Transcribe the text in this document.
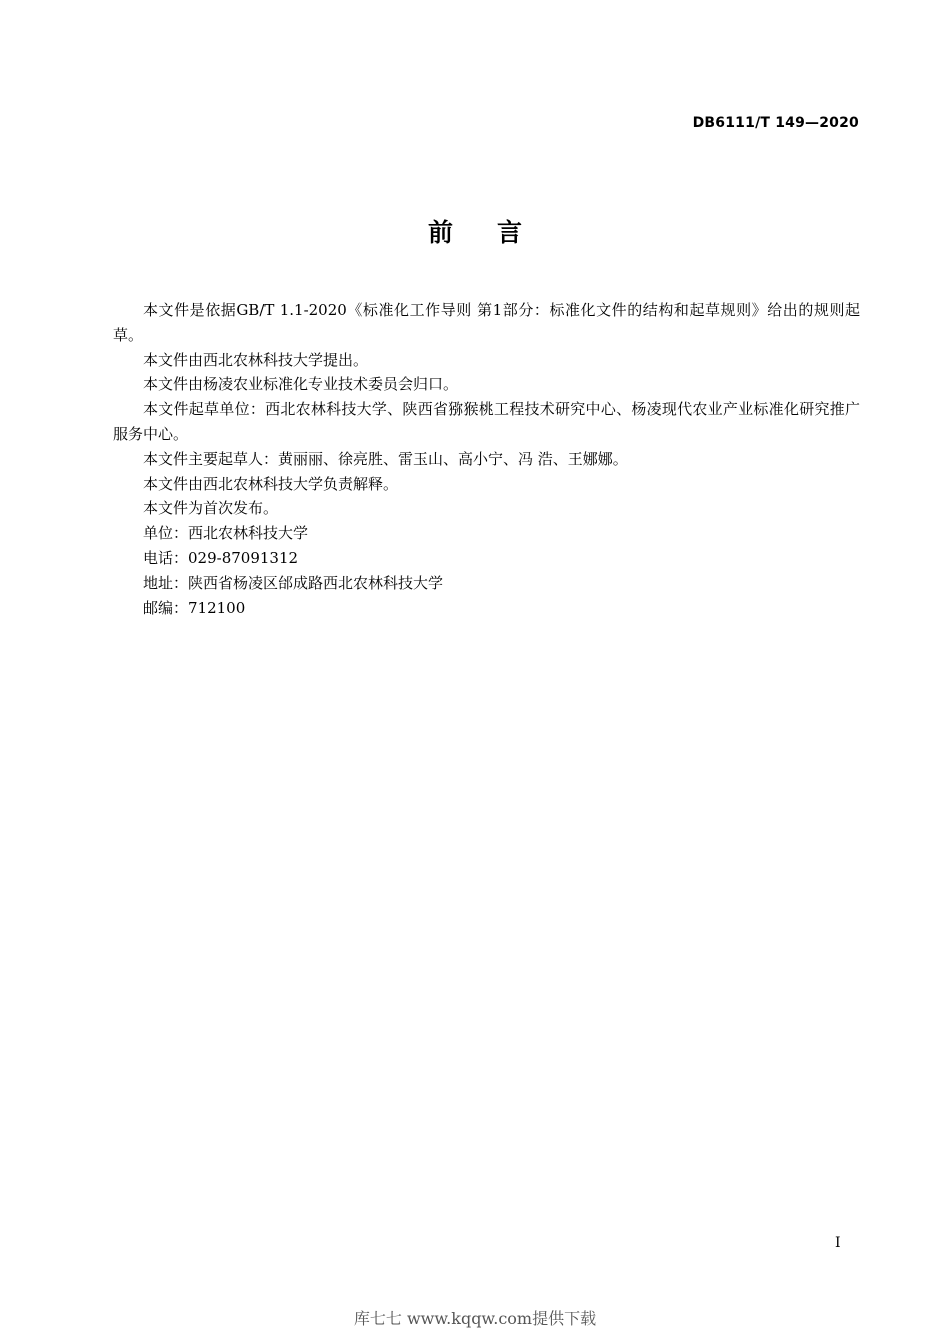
DB6111/T 149—2020
前言

本文件是依据GB/T 1.1-2020《标准化工作导则 第1部分：标准化文件的结构和起草规则》给出的规则起草。

本文件由西北农林科技大学提出。

本文件由杨凌农业标准化专业技术委员会归口。

本文件起草单位：西北农林科技大学、陕西省猕猴桃工程技术研究中心、杨凌现代农业产业标准化研究推广服务中心。

本文件主要起草人：黄丽丽、徐亮胜、雷玉山、高小宁、冯 浩、王娜娜。

本文件由西北农林科技大学负责解释。

本文件为首次发布。

单位：西北农林科技大学

电话：029-87091312

地址：陕西省杨凌区邰成路西北农林科技大学

邮编：712100

I
库七七 www.kqqw.com提供下载
